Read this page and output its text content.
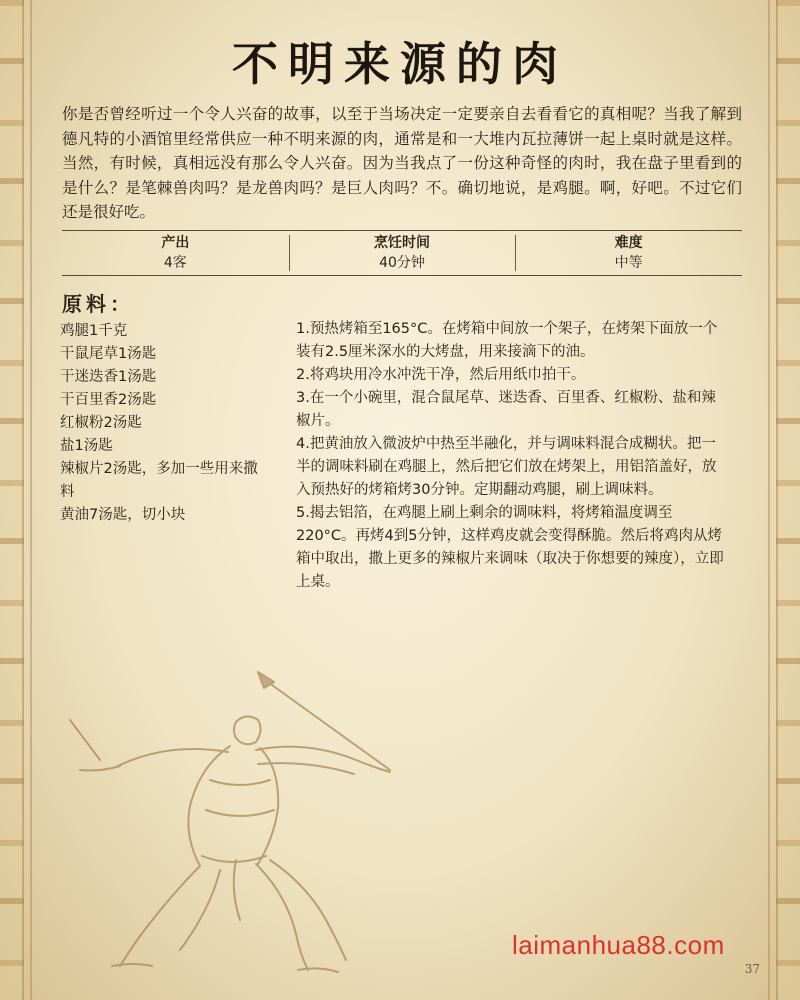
不明来源的肉

你是否曾经听过一个令人兴奋的故事，以至于当场决定一定要亲自去看看它的真相呢？当我了解到德凡特的小酒馆里经常供应一种不明来源的肉，通常是和一大堆内瓦拉薄饼一起上桌时就是这样。当然，有时候，真相远没有那么令人兴奋。因为当我点了一份这种奇怪的肉时，我在盘子里看到的是什么？是笔棘兽肉吗？是龙兽肉吗？是巨人肉吗？不。确切地说，是鸡腿。啊，好吧。不过它们还是很好吃。

产出
4客
烹饪时间
40分钟
难度
中等
原料：
鸡腿1千克
干鼠尾草1汤匙
干迷迭香1汤匙
干百里香2汤匙
红椒粉2汤匙
盐1汤匙
辣椒片2汤匙，多加一些用来撒料
黄油7汤匙，切小块
1.预热烤箱至165°C。在烤箱中间放一个架子，在烤架下面放一个装有2.5厘米深水的大烤盘，用来接滴下的油。
2.将鸡块用冷水冲洗干净，然后用纸巾拍干。
3.在一个小碗里，混合鼠尾草、迷迭香、百里香、红椒粉、盐和辣椒片。
4.把黄油放入微波炉中热至半融化，并与调味料混合成糊状。把一半的调味料刷在鸡腿上，然后把它们放在烤架上，用铝箔盖好，放入预热好的烤箱烤30分钟。定期翻动鸡腿，刷上调味料。
5.揭去铝箔，在鸡腿上刷上剩余的调味料，将烤箱温度调至220°C。再烤4到5分钟，这样鸡皮就会变得酥脆。然后将鸡肉从烤箱中取出，撒上更多的辣椒片来调味（取决于你想要的辣度），立即上桌。
laimanhua88.com
37
